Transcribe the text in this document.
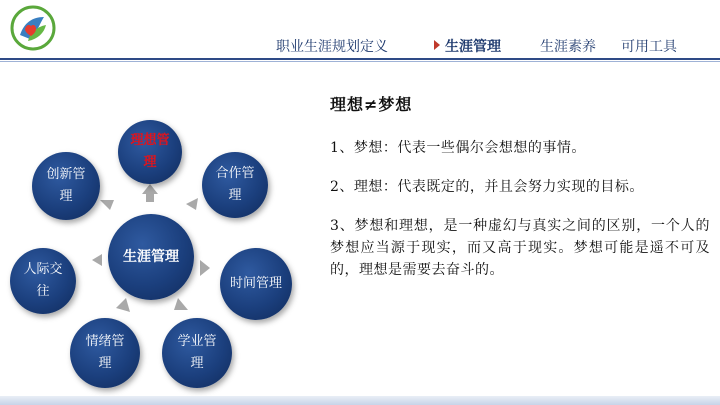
职业生涯规划定义	生涯管理	生涯素养 可用工具
生涯管理
理想管理
合作管理
时间管理
学业管理
情绪管理
人际交往
创新管理
理想≠梦想
1、梦想：代表一些偶尔会想想的事情。
2、理想：代表既定的，并且会努力实现的目标。
3、梦想和理想，是一种虚幻与真实之间的区别，一个人的梦想应当源于现实，而又高于现实。梦想可能是遥不可及的，理想是需要去奋斗的。
